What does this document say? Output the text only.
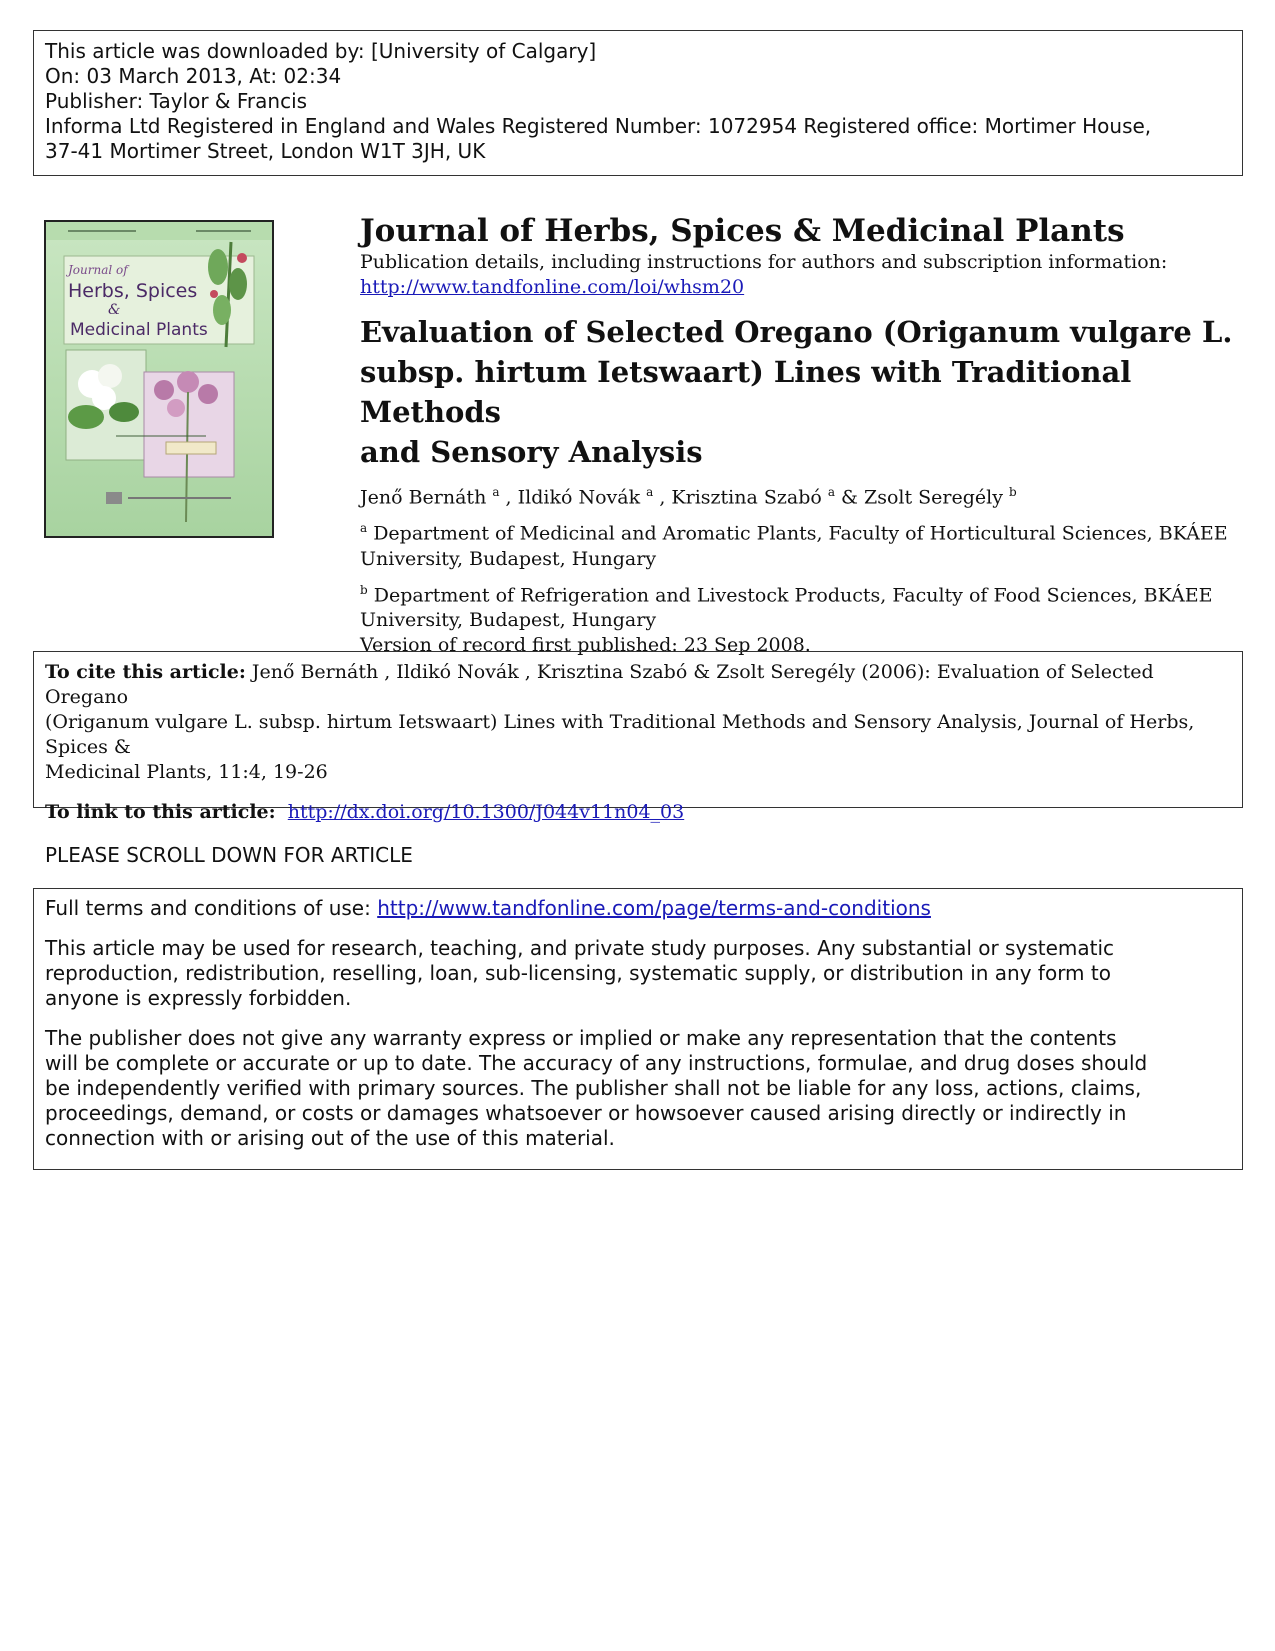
This article was downloaded by: [University of Calgary]
On: 03 March 2013, At: 02:34
Publisher: Taylor & Francis
Informa Ltd Registered in England and Wales Registered Number: 1072954 Registered office: Mortimer House,
37-41 Mortimer Street, London W1T 3JH, UK
Journal of
Herbs, Spices
&
Medicinal Plants
Journal of Herbs, Spices & Medicinal Plants
Publication details, including instructions for authors and subscription information:
http://www.tandfonline.com/loi/whsm20
Evaluation of Selected Oregano (Origanum vulgare L.
subsp. hirtum Ietswaart) Lines with Traditional Methods
and Sensory Analysis
Jenő Bernáth $^a$ , Ildikó Novák $^a$ , Krisztina Szabó $^a$ & Zsolt Seregély $^b$
$^a$ Department of Medicinal and Aromatic Plants, Faculty of Horticultural Sciences, BKÁEE
University, Budapest, Hungary
$^b$ Department of Refrigeration and Livestock Products, Faculty of Food Sciences, BKÁEE
University, Budapest, Hungary
Version of record first published: 23 Sep 2008.
To cite this article: Jenő Bernáth , Ildikó Novák , Krisztina Szabó & Zsolt Seregély (2006): Evaluation of Selected Oregano
(Origanum vulgare L. subsp. hirtum Ietswaart) Lines with Traditional Methods and Sensory Analysis, Journal of Herbs, Spices &
Medicinal Plants, 11:4, 19-26
To link to this article: http://dx.doi.org/10.1300/J044v11n04_03
PLEASE SCROLL DOWN FOR ARTICLE

Full terms and conditions of use: http://www.tandfonline.com/page/terms-and-conditions

This article may be used for research, teaching, and private study purposes. Any substantial or systematic
reproduction, redistribution, reselling, loan, sub-licensing, systematic supply, or distribution in any form to
anyone is expressly forbidden.

The publisher does not give any warranty express or implied or make any representation that the contents
will be complete or accurate or up to date. The accuracy of any instructions, formulae, and drug doses should
be independently verified with primary sources. The publisher shall not be liable for any loss, actions, claims,
proceedings, demand, or costs or damages whatsoever or howsoever caused arising directly or indirectly in
connection with or arising out of the use of this material.
